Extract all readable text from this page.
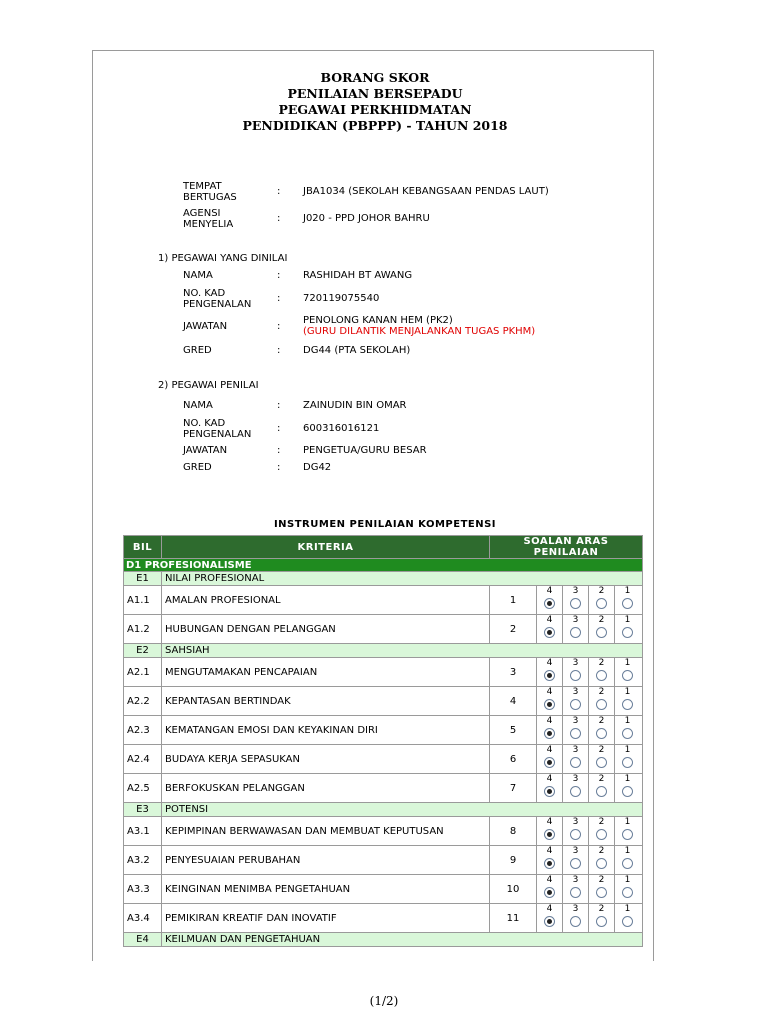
BORANG SKOR
PENILAIAN BERSEPADU
PEGAWAI PERKHIDMATAN
PENDIDIKAN (PBPPP) - TAHUN 2018
TEMPAT
BERTUGAS
: JBA1034 (SEKOLAH KEBANGSAAN PENDAS LAUT)
AGENSI
MENYELIA
: J020 - PPD JOHOR BAHRU
1) PEGAWAI YANG DINILAI
NAMA	: RASHIDAH BT AWANG
NO. KAD
PENGENALAN
: 720119075540
JAWATAN	:
PENOLONG KANAN HEM (PK2)
(GURU DILANTIK MENJALANKAN TUGAS PKHM)
GRED	: DG44 (PTA SEKOLAH)
2) PEGAWAI PENILAI
NAMA	: ZAINUDIN BIN OMAR
NO. KAD
PENGENALAN
: 600316016121
JAWATAN	: PENGETUA/GURU BESAR
GRED	: DG42
INSTRUMEN PENILAIAN KOMPETENSI
BIL	KRITERIA	SOALAN ARAS PENILAIAN	
D1 PROFESIONALISME			
E1	NILAI PROFESIONAL		
A1.1	AMALAN PROFESIONAL	1	4 3 2 1

A1.2	HUBUNGAN DENGAN PELANGGAN	2	4 3 2 1

E2	SAHSIAH		
A2.1	MENGUTAMAKAN PENCAPAIAN	3	4 3 2 1

A2.2	KEPANTASAN BERTINDAK	4	4 3 2 1

A2.3	KEMATANGAN EMOSI DAN KEYAKINAN DIRI	5	4 3 2 1

A2.4	BUDAYA KERJA SEPASUKAN	6	4 3 2 1

A2.5	BERFOKUSKAN PELANGGAN	7	4 3 2 1

E3	POTENSI		
A3.1	KEPIMPINAN BERWAWASAN DAN MEMBUAT KEPUTUSAN	8	4 3 2 1

A3.2	PENYESUAIAN PERUBAHAN	9	4 3 2 1

A3.3	KEINGINAN MENIMBA PENGETAHUAN	10	4 3 2 1

A3.4	PEMIKIRAN KREATIF DAN INOVATIF	11	4 3 2 1

E4	KEILMUAN DAN PENGETAHUAN		
(1/2)
